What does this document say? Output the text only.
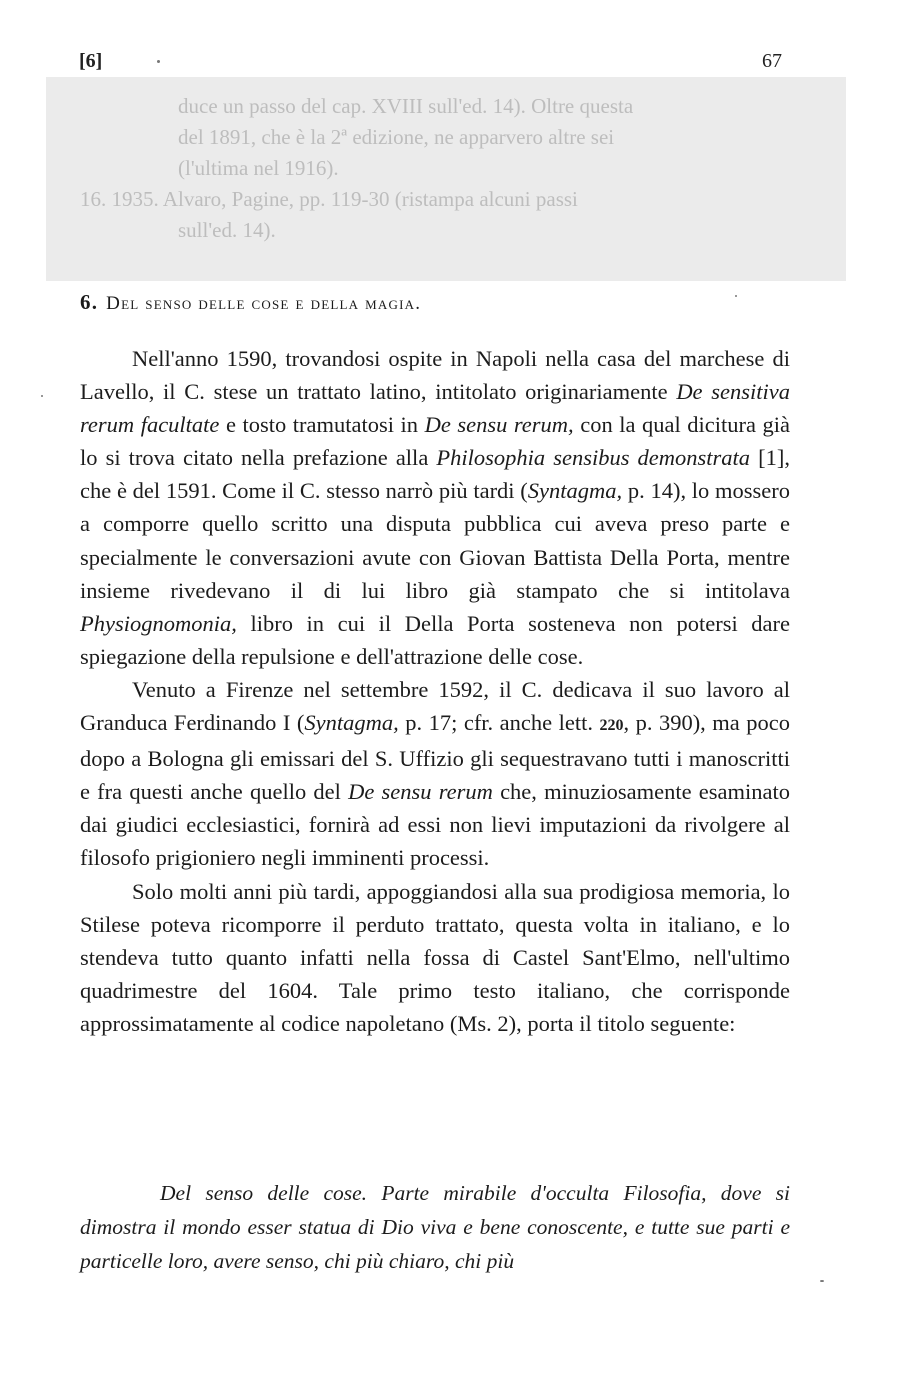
[6]	67
duce un passo del cap. XVIII sull'ed. 14). Oltre questa
del 1891, che è la 2ª edizione, ne apparvero altre sei
(l'ultima nel 1916).
16. 1935. Alvaro, Pagine, pp. 119-30 (ristampa alcuni passi
sull'ed. 14).
6. Del senso delle cose e della magia.

Nell'anno 1590, trovandosi ospite in Napoli nella casa del marchese di Lavello, il C. stese un trattato latino, intitolato originariamente De sensitiva rerum facultate e tosto tramutatosi in De sensu rerum, con la qual dicitura già lo si trova citato nella prefazione alla Philosophia sensibus demonstrata [1], che è del 1591. Come il C. stesso narrò più tardi (Syntagma, p. 14), lo mossero a comporre quello scritto una disputa pubblica cui aveva preso parte e specialmente le conversazioni avute con Giovan Battista Della Porta, mentre insieme rivedevano il di lui libro già stampato che si intitolava Physiognomonia, libro in cui il Della Porta sosteneva non potersi dare spiegazione della repulsione e dell'attrazione delle cose.

Venuto a Firenze nel settembre 1592, il C. dedicava il suo lavoro al Granduca Ferdinando I (Syntagma, p. 17; cfr. anche lett. 220, p. 390), ma poco dopo a Bologna gli emissari del S. Uffizio gli sequestravano tutti i manoscritti e fra questi anche quello del De sensu rerum che, minuziosamente esaminato dai giudici ecclesiastici, fornirà ad essi non lievi imputazioni da rivolgere al filosofo prigioniero negli imminenti processi.

Solo molti anni più tardi, appoggiandosi alla sua prodigiosa memoria, lo Stilese poteva ricomporre il perduto trattato, questa volta in italiano, e lo stendeva tutto quanto infatti nella fossa di Castel Sant'Elmo, nell'ultimo quadrimestre del 1604. Tale primo testo italiano, che corrisponde approssimatamente al codice napoletano (Ms. 2), porta il titolo seguente:

Del senso delle cose. Parte mirabile d'occulta Filosofia, dove si dimostra il mondo esser statua di Dio viva e bene conoscente, e tutte sue parti e particelle loro, avere senso, chi più chiaro, chi più
